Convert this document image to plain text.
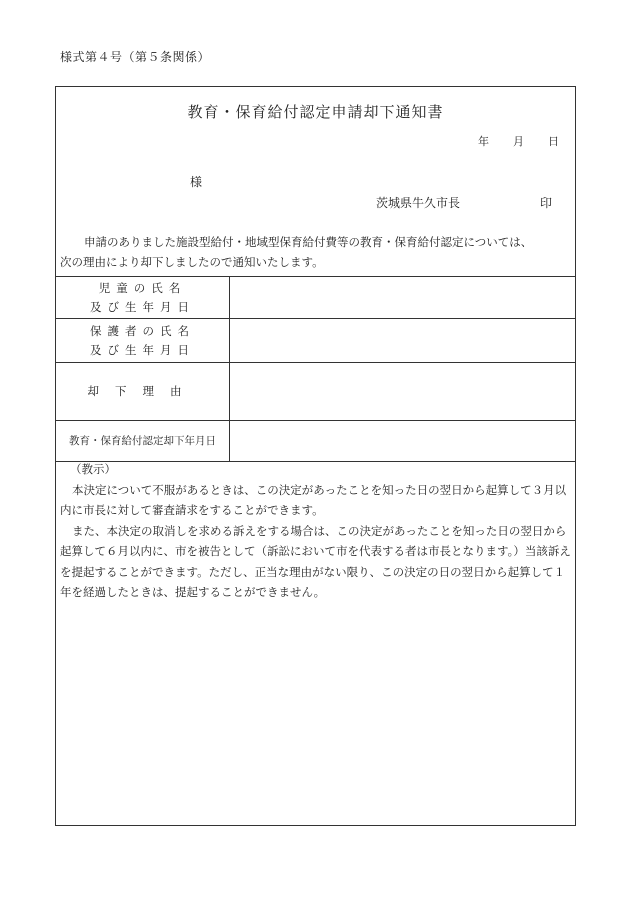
様式第４号（第５条関係）
教育・保育給付認定申請却下通知書
年 月 日
様
茨城県牛久市長	印

申請のありました施設型給付・地域型保育給付費等の教育・保育給付認定については、

次の理由により却下しましたので通知いたします。

児童の氏名
及び生年月日	

保護者の氏名
及び生年月日	

却下理由	

教育・保育給付認定却下年月日	

（教示）

本決定について不服があるときは、この決定があったことを知った日の翌日から起算して３月以内に市長に対して審査請求をすることができます。

また、本決定の取消しを求める訴えをする場合は、この決定があったことを知った日の翌日から起算して６月以内に、市を被告として（訴訟において市を代表する者は市長となります。）当該訴えを提起することができます。ただし、正当な理由がない限り、この決定の日の翌日から起算して１年を経過したときは、提起することができません。
